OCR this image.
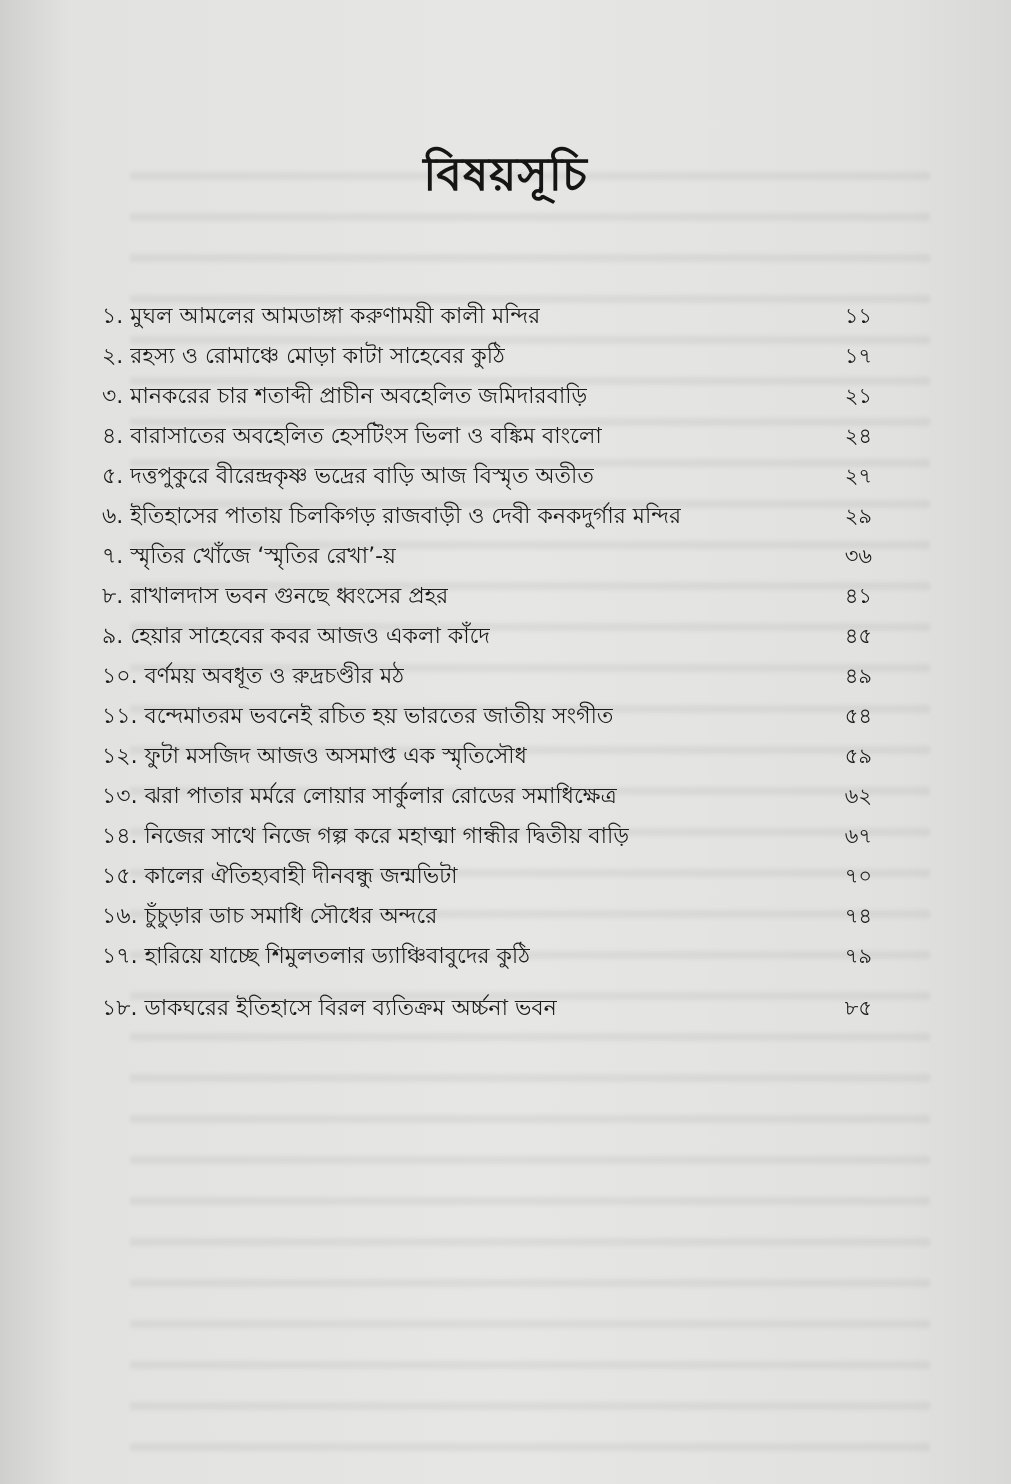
বিষয়সূচি
১. মুঘল আমলের আমডাঙ্গা করুণাময়ী কালী মন্দির	১১
২. রহস্য ও রোমাঞ্চে মোড়া কাটা সাহেবের কুঠি	১৭
৩. মানকরের চার শতাব্দী প্রাচীন অবহেলিত জমিদারবাড়ি	২১
৪. বারাসাতের অবহেলিত হেসটিংস ভিলা ও বঙ্কিম বাংলো	২৪
৫. দত্তপুকুরে বীরেন্দ্রকৃষ্ণ ভদ্রের বাড়ি আজ বিস্মৃত অতীত	২৭
৬. ইতিহাসের পাতায় চিলকিগড় রাজবাড়ী ও দেবী কনকদুর্গার মন্দির	২৯
৭. স্মৃতির খোঁজে ‘স্মৃতির রেখা’-য়	৩৬
৮. রাখালদাস ভবন গুনছে ধ্বংসের প্রহর	৪১
৯. হেয়ার সাহেবের কবর আজও একলা কাঁদে	৪৫
১০. বর্ণময় অবধূত ও রুদ্রচণ্ডীর মঠ	৪৯
১১. বন্দেমাতরম ভবনেই রচিত হয় ভারতের জাতীয় সংগীত	৫৪
১২. ফুটা মসজিদ আজও অসমাপ্ত এক স্মৃতিসৌধ	৫৯
১৩. ঝরা পাতার মর্মরে লোয়ার সার্কুলার রোডের সমাধিক্ষেত্র	৬২
১৪. নিজের সাথে নিজে গল্প করে মহাত্মা গান্ধীর দ্বিতীয় বাড়ি	৬৭
১৫. কালের ঐতিহ্যবাহী দীনবন্ধু জন্মভিটা	৭০
১৬. চুঁচুড়ার ডাচ সমাধি সৌধের অন্দরে	৭৪
১৭. হারিয়ে যাচ্ছে শিমুলতলার ড্যাঞ্চিবাবুদের কুঠি	৭৯
১৮. ডাকঘরের ইতিহাসে বিরল ব্যতিক্রম অর্চ্চনা ভবন	৮৫
